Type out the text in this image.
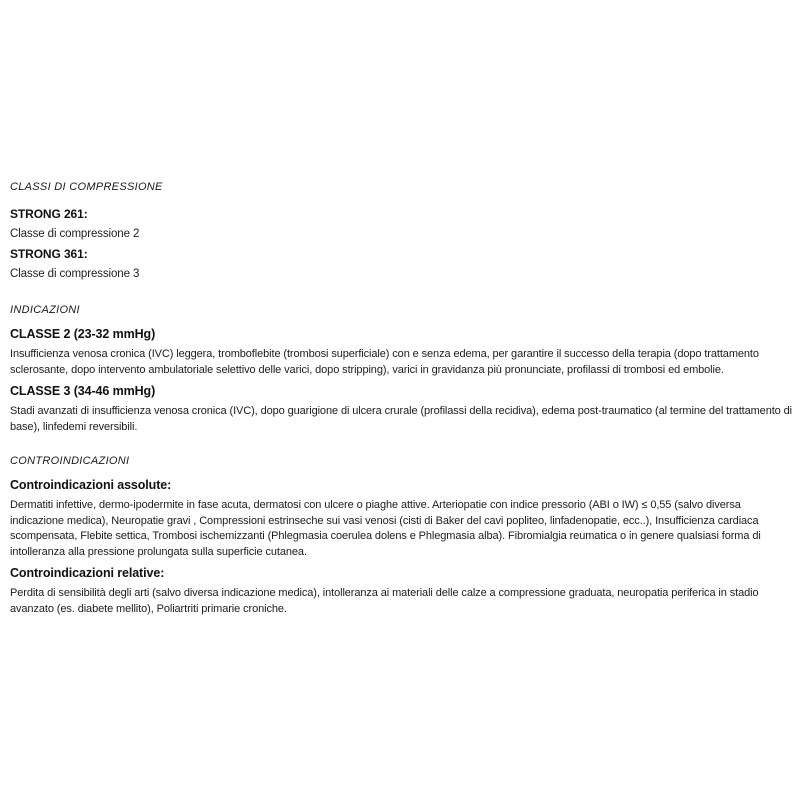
CLASSI DI COMPRESSIONE

STRONG 261:

Classe di compressione 2

STRONG 361:

Classe di compressione 3

INDICAZIONI
CLASSE 2 (23-32 mmHg)

Insufficienza venosa cronica (IVC) leggera, tromboflebite (trombosi superficiale) con e senza edema, per garantire il successo della terapia (dopo trattamento sclerosante, dopo intervento ambulatoriale selettivo delle varici, dopo stripping), varici in gravidanza più pronunciate, profilassi di trombosi ed embolie.

CLASSE 3 (34-46 mmHg)

Stadi avanzati di insufficienza venosa cronica (IVC), dopo guarigione di ulcera crurale (profilassi della recidiva), edema post-traumatico (al termine del trattamento di base), linfedemi reversibili.

CONTROINDICAZIONI
Controindicazioni assolute:

Dermatiti infettive, dermo-ipodermite in fase acuta, dermatosi con ulcere o piaghe attive. Arteriopatie con indice pressorio (ABI o IW) ≤ 0,55 (salvo diversa indicazione medica), Neuropatie gravi , Compressioni estrinseche sui vasi venosi (cisti di Baker del cavi popliteo, linfadenopatie, ecc..), Insufficienza cardiaca scompensata, Flebite settica, Trombosi ischemizzanti (Phlegmasia coerulea dolens e Phlegmasia alba). Fibromialgia reumatica o in genere qualsiasi forma di intolleranza alla pressione prolungata sulla superficie cutanea.

Controindicazioni relative:

Perdita di sensibilità degli arti (salvo diversa indicazione medica), intolleranza ai materiali delle calze a compressione graduata, neuropatia periferica in stadio avanzato (es. diabete mellito), Poliartriti primarie croniche.
